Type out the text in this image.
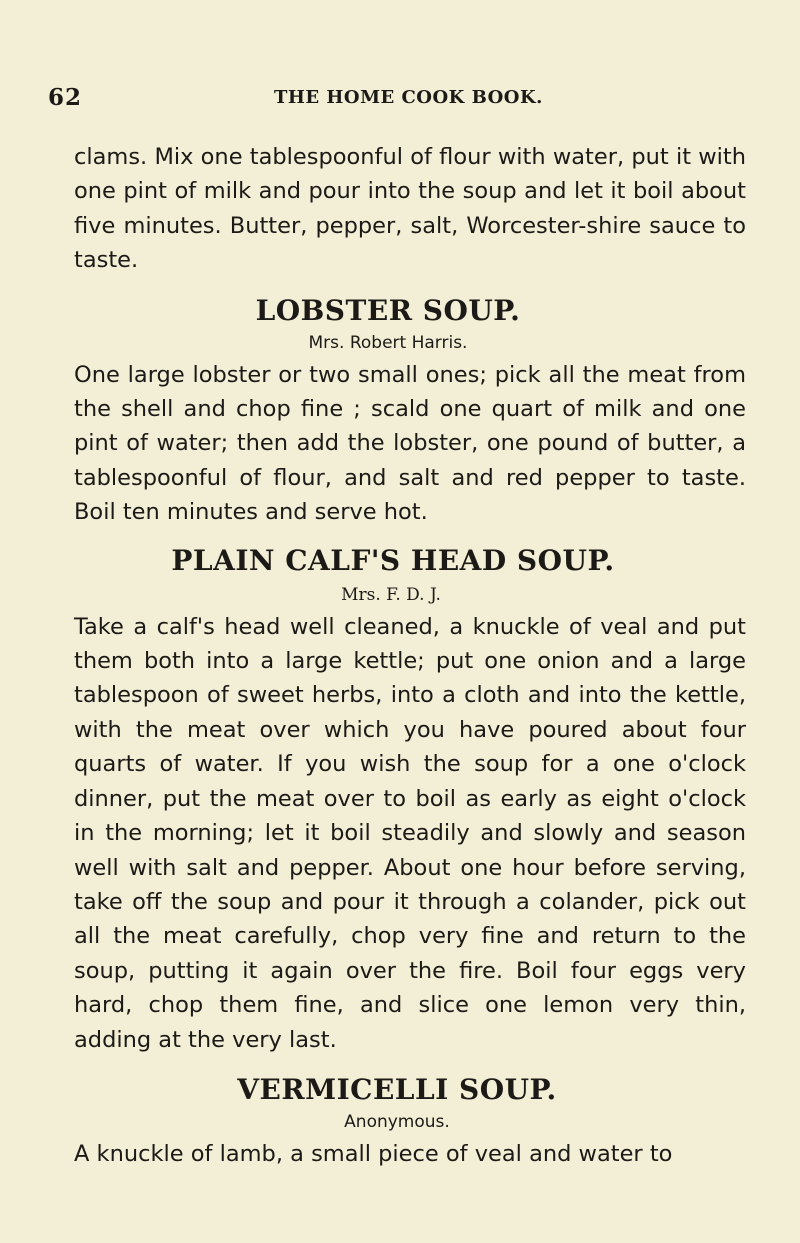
62	THE HOME COOK BOOK.

clams. Mix one tablespoonful of flour with water, put it with one pint of milk and pour into the soup and let it boil about five minutes. Butter, pepper, salt, Worcester-shire sauce to taste.

LOBSTER SOUP.

Mrs. Robert Harris.

One large lobster or two small ones; pick all the meat from the shell and chop fine ; scald one quart of milk and one pint of water; then add the lobster, one pound of butter, a tablespoonful of flour, and salt and red pepper to taste. Boil ten minutes and serve hot.

PLAIN CALF'S HEAD SOUP.

Mrs. F. D. J.

Take a calf's head well cleaned, a knuckle of veal and put them both into a large kettle; put one onion and a large tablespoon of sweet herbs, into a cloth and into the kettle, with the meat over which you have poured about four quarts of water. If you wish the soup for a one o'clock dinner, put the meat over to boil as early as eight o'clock in the morning; let it boil steadily and slowly and season well with salt and pepper. About one hour before serving, take off the soup and pour it through a colander, pick out all the meat carefully, chop very fine and return to the soup, putting it again over the fire. Boil four eggs very hard, chop them fine, and slice one lemon very thin, adding at the very last.

VERMICELLI SOUP.

Anonymous.

A knuckle of lamb, a small piece of veal and water to
